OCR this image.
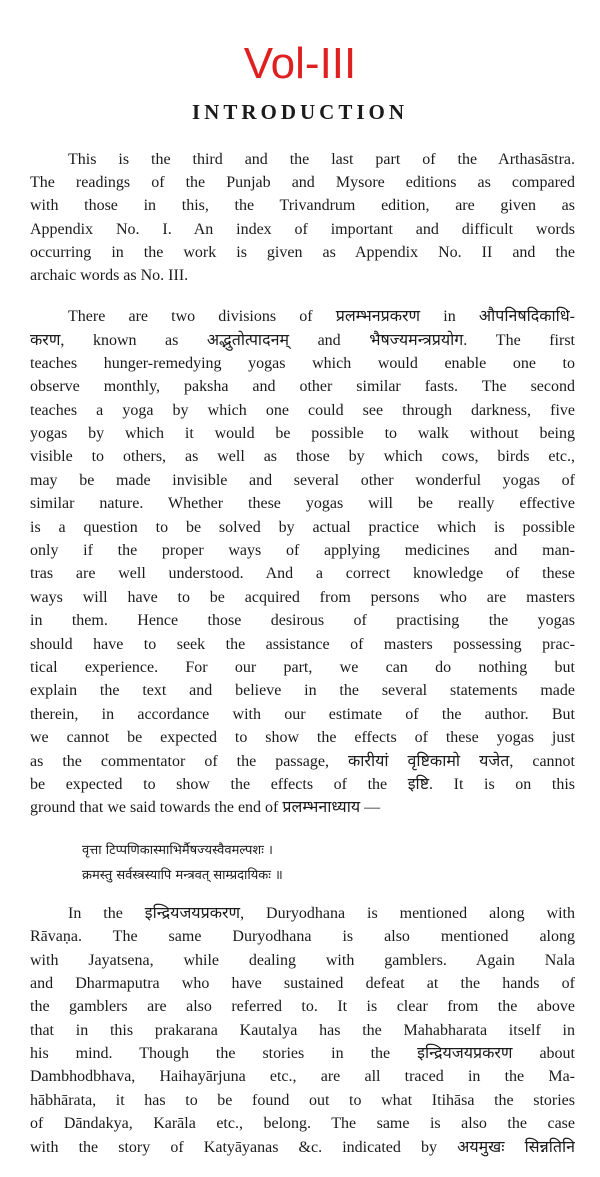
Vol-III
INTRODUCTION
This is the third and the last part of the Arthasāstra.
The readings of the Punjab and Mysore editions as compared
with those in this, the Trivandrum edition, are given as
Appendix No. I. An index of important and difficult words
occurring in the work is given as Appendix No. II and the
archaic words as No. III.
There are two divisions of प्रलम्भनप्रकरण in औपनिषदिकाधि-
करण, known as अद्भुतोत्पादनम् and भैषज्यमन्त्रप्रयोग. The first
teaches hunger-remedying yogas which would enable one to
observe monthly, paksha and other similar fasts. The second
teaches a yoga by which one could see through darkness, five
yogas by which it would be possible to walk without being
visible to others, as well as those by which cows, birds etc.,
may be made invisible and several other wonderful yogas of
similar nature. Whether these yogas will be really effective
is a question to be solved by actual practice which is possible
only if the proper ways of applying medicines and man-
tras are well understood. And a correct knowledge of these
ways will have to be acquired from persons who are masters
in them. Hence those desirous of practising the yogas
should have to seek the assistance of masters possessing prac-
tical experience. For our part, we can do nothing but
explain the text and believe in the several statements made
therein, in accordance with our estimate of the author. But
we cannot be expected to show the effects of these yogas just
as the commentator of the passage, कारीयां वृष्टिकामो यजेत, cannot
be expected to show the effects of the इष्टि. It is on this
ground that we said towards the end of प्रलम्भनाध्याय —
वृत्ता टिप्पणिकास्माभिर्मैषज्यस्वैवमल्पशः ।
क्रमस्तु सर्वस्त्रस्यापि मन्त्रवत् साम्प्रदायिकः ॥
In the इन्द्रियजयप्रकरण, Duryodhana is mentioned along with
Rāvaṇa. The same Duryodhana is also mentioned along
with Jayatsena, while dealing with gamblers. Again Nala
and Dharmaputra who have sustained defeat at the hands of
the gamblers are also referred to. It is clear from the above
that in this prakarana Kautalya has the Mahabharata itself in
his mind. Though the stories in the इन्द्रियजयप्रकरण about
Dambhodbhava, Haihayārjuna etc., are all traced in the Ma-
hābhārata, it has to be found out to what Itihāsa the stories
of Dāndakya, Karāla etc., belong. The same is also the case
with the story of Katyāyanas &c. indicated by अयमुखः सिन्नतिनि
